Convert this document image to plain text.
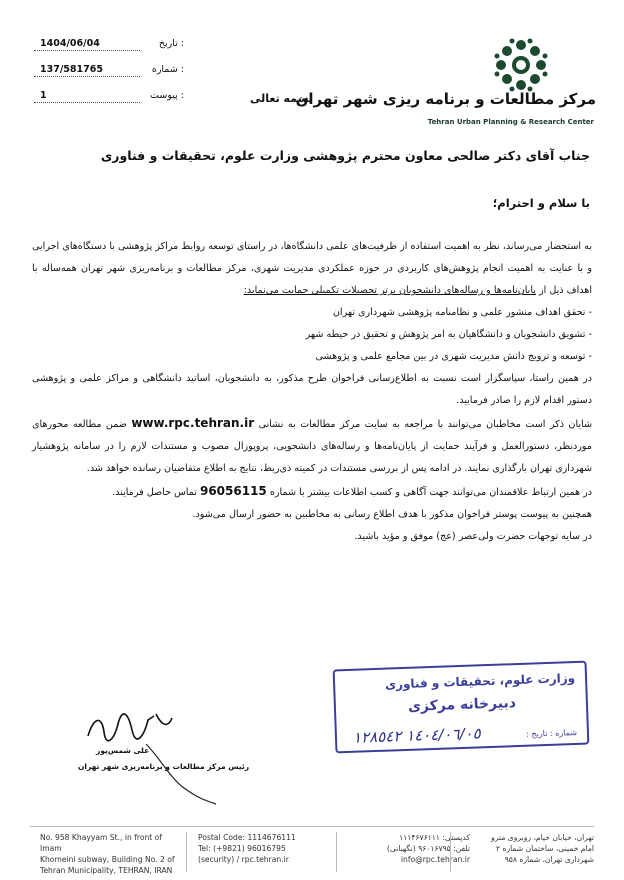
1404/06/04	تاریخ :
137/581765	شماره :
1	پیوست :	بسمه تعالی
مرکز مطالعات و برنامه ریزی شهر تهران
Tehran Urban Planning & Research Center
جناب آقای دکتر صالحی معاون محترم پژوهشی وزارت علوم، تحقیقات و فناوری
با سلام و احترام؛

به استحضار می‌رساند، نظر به اهمیت استفاده از ظرفیت‌های علمی دانشگاه‌ها، در راستای توسعه روابط مراکز پژوهشی با دستگاه‌های اجرایی و با عنایت به اهمیت انجام پژوهش‌های کاربردی در حوزه عملکردی مدیریت شهری، مرکز مطالعات و برنامه‌ریزی شهر تهران همه‌ساله با اهداف ذیل از پایان‌نامه‌ها و رساله‌های دانشجویان برتر تحصیلات تکمیلی حمایت می‌نماید:

- تحقق اهداف منشور علمی و نظامنامه پژوهشی شهرداری تهران

- تشویق دانشجویان و دانشگاهیان به امر پژوهش و تحقیق در حیطه شهر

- توسعه و ترویج دانش مدیریت شهری در بین مجامع علمی و پژوهشی

در همین راستا، سپاسگزار است نسبت به اطلاع‌رسانی فراخوان طرح مذکور، به دانشجویان، اساتید دانشگاهی و مراکز علمی و پژوهشی دستور اقدام لازم را صادر فرمایید.

شایان ذکر است مخاطبان می‌توانند با مراجعه به سایت مرکز مطالعات به نشانی www.rpc.tehran.ir ضمن مطالعه محورهای موردنظر، دستورالعمل و فرآیند حمایت از پایان‌نامه‌ها و رساله‌های دانشجویی، پروپوزال مصوب و مستندات لازم را در سامانه پژوهشیار شهرداری تهران بارگذاری نمایند. در ادامه پس از بررسی مستندات در کمیته ذی‌ربط، نتایج به اطلاع متقاضیان رسانده خواهد شد.

در همین ارتباط علاقمندان می‌توانند جهت آگاهی و کسب اطلاعات بیشتر با شماره 96056115 تماس حاصل فرمایند.

همچنین به پیوست پوستر فراخوان مذکور با هدف اطلاع رسانی به مخاطبین به حضور ارسال می‌شود.

در سایه توجهات حضرت ولی‌عصر (عج) موفق و مؤید باشید.

وزارت علوم، تحقیقات و فناوری
دبیرخانه مرکزی
شماره : تاریخ :
١٤٠٤/٠٦/٠٥ ١٢٨٥٤٢
علی شمس‌پور
رئیس مرکز مطالعات و برنامه‌ریزی شهر تهران
No. 958 Khayyam St., in front of Imam
Khomeini subway, Building No. 2 of
Tehran Municipality, TEHRAN, IRAN
Postal Code: 1114676111
Tel: (+9821) 96016795
(security) / rpc.tehran.ir
کدپستی: ۱۱۱۴۶۷۶۱۱۱
تلفن: ۹۶۰۱۶۷۹۵ (نگهبانی)
info@rpc.tehran.ir
تهران، خیابان خیام، روبروی مترو
امام خمینی، ساختمان شماره ۲
شهرداری تهران، شماره ۹۵۸
